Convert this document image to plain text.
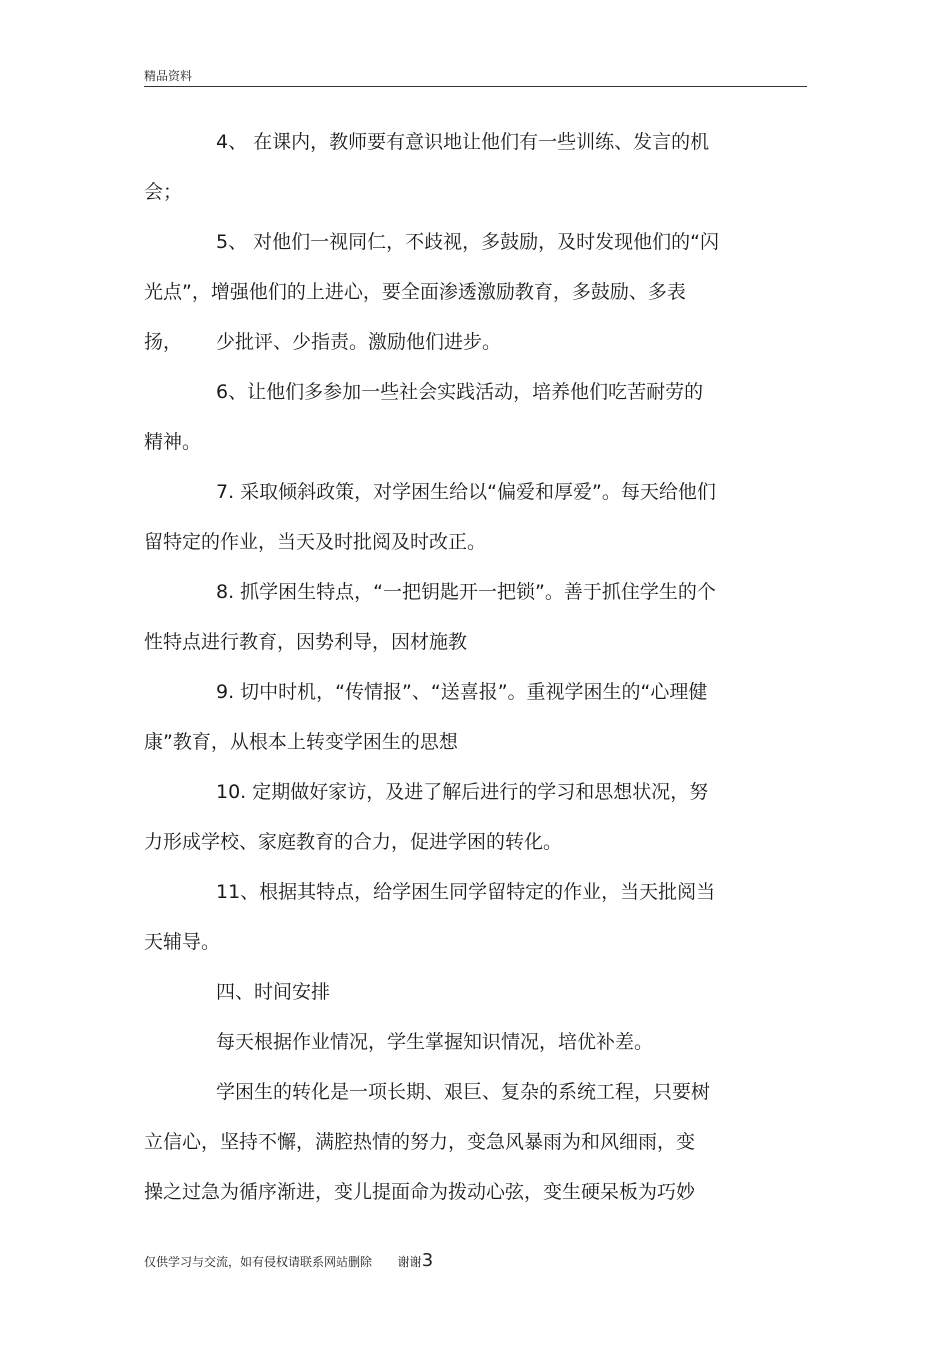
精品资料
4、 在课内，教师要有意识地让他们有一些训练、发言的机
会；
5、 对他们一视同仁，不歧视，多鼓励，及时发现他们的“闪
光点”，增强他们的上进心，要全面渗透激励教育，多鼓励、多表
扬， 少批评、少指责。激励他们进步。
6、让他们多参加一些社会实践活动，培养他们吃苦耐劳的
精神。
7. 采取倾斜政策，对学困生给以“偏爱和厚爱”。每天给他们
留特定的作业，当天及时批阅及时改正。
8. 抓学困生特点，“一把钥匙开一把锁”。善于抓住学生的个
性特点进行教育，因势利导，因材施教
9. 切中时机，“传情报”、“送喜报”。重视学困生的“心理健
康”教育，从根本上转变学困生的思想
10. 定期做好家访，及进了解后进行的学习和思想状况，努
力形成学校、家庭教育的合力，促进学困的转化。
11、根据其特点，给学困生同学留特定的作业，当天批阅当
天辅导。
四、时间安排
每天根据作业情况，学生掌握知识情况，培优补差。
学困生的转化是一项长期、艰巨、复杂的系统工程，只要树
立信心，坚持不懈，满腔热情的努力，变急风暴雨为和风细雨，变
操之过急为循序渐进，变儿提面命为拨动心弦，变生硬呆板为巧妙
仅供学习与交流，如有侵权请联系网站删除 谢谢3
